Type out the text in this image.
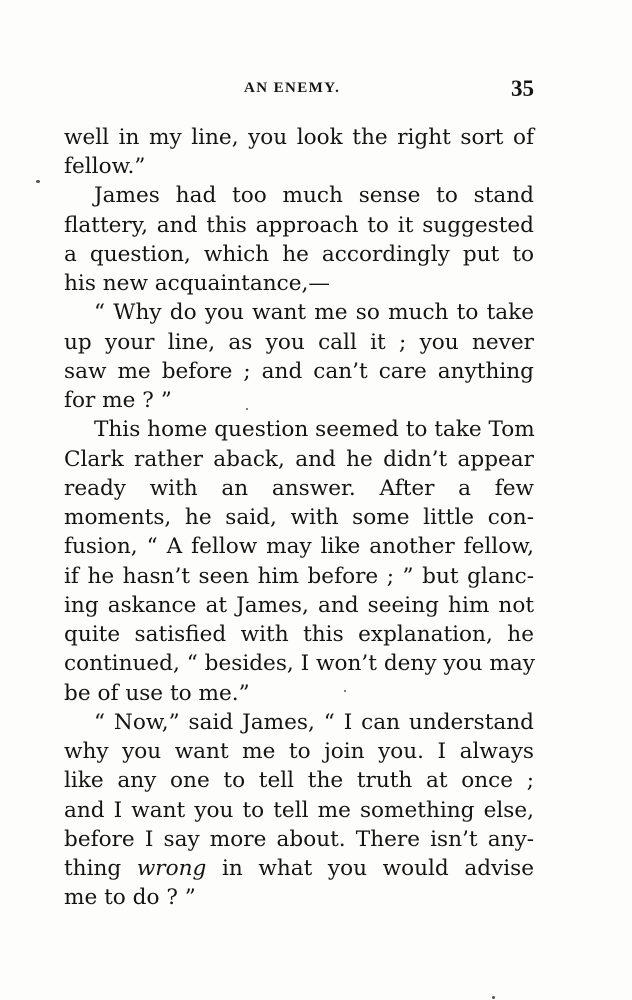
AN ENEMY.	35
well in my line, you look the right sort of
fellow.”
James had too much sense to stand
flattery, and this approach to it suggested
a question, which he accordingly put to
his new acquaintance,—
“ Why do you want me so much to take
up your line, as you call it ; you never
saw me before ; and can’t care anything
for me ? ”
This home question seemed to take Tom
Clark rather aback, and he didn’t appear
ready with an answer. After a few
moments, he said, with some little con-
fusion, “ A fellow may like another fellow,
if he hasn’t seen him before ; ” but glanc-
ing askance at James, and seeing him not
quite satisfied with this explanation, he
continued, “ besides, I won’t deny you may
be of use to me.”
“ Now,” said James, “ I can understand
why you want me to join you. I always
like any one to tell the truth at once ;
and I want you to tell me something else,
before I say more about. There isn’t any-
thing wrong in what you would advise
me to do ? ”
